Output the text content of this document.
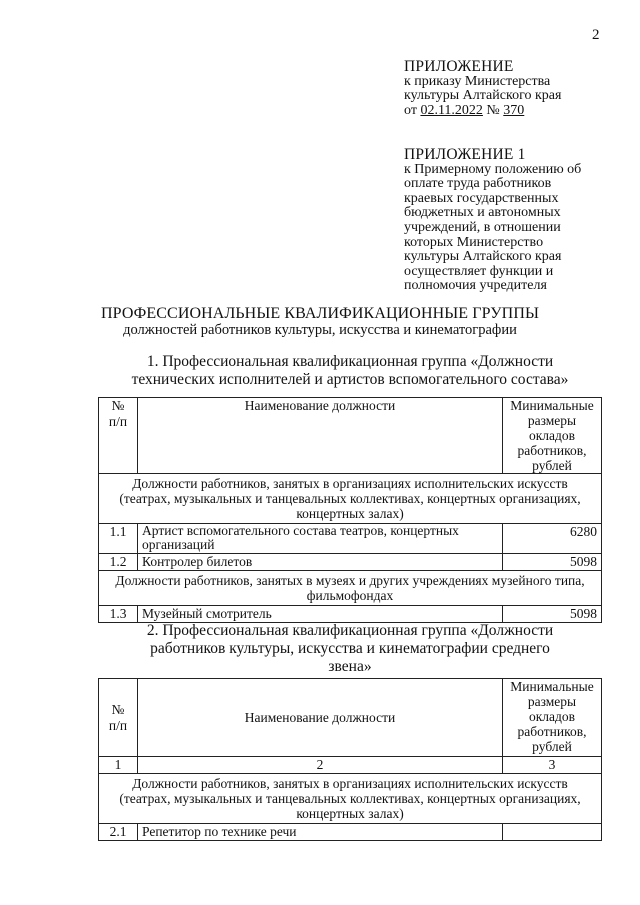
2
ПРИЛОЖЕНИЕ
к приказу Министерства
культуры Алтайского края
от 02.11.2022 № 370
ПРИЛОЖЕНИЕ 1
к Примерному положению об
оплате труда работников
краевых государственных
бюджетных и автономных
учреждений, в отношении
которых Министерство
культуры Алтайского края
осуществляет функции и
полномочия учредителя
ПРОФЕССИОНАЛЬНЫЕ КВАЛИФИКАЦИОННЫЕ ГРУППЫ
должностей работников культуры, искусства и кинематографии
1. Профессиональная квалификационная группа «Должности
технических исполнителей и артистов вспомогательного состава»
№
п/п	Наименование должности	Минимальные размеры окладов работников, рублей
Должности работников, занятых в организациях исполнительских искусств (театрах, музыкальных и танцевальных коллективах, концертных организациях, концертных залах)		
1.1	Артист вспомогательного состава театров, концертных организаций	6280
1.2	Контролер билетов	5098
Должности работников, занятых в музеях и других учреждениях музейного типа, фильмофондах		
1.3	Музейный смотритель	5098
2. Профессиональная квалификационная группа «Должности
работников культуры, искусства и кинематографии среднего
звена»
№
п/п	Наименование должности	Минимальные размеры окладов работников, рублей
1	2	3
Должности работников, занятых в организациях исполнительских искусств (театрах, музыкальных и танцевальных коллективах, концертных организациях, концертных залах)		
2.1	Репетитор по технике речи	
